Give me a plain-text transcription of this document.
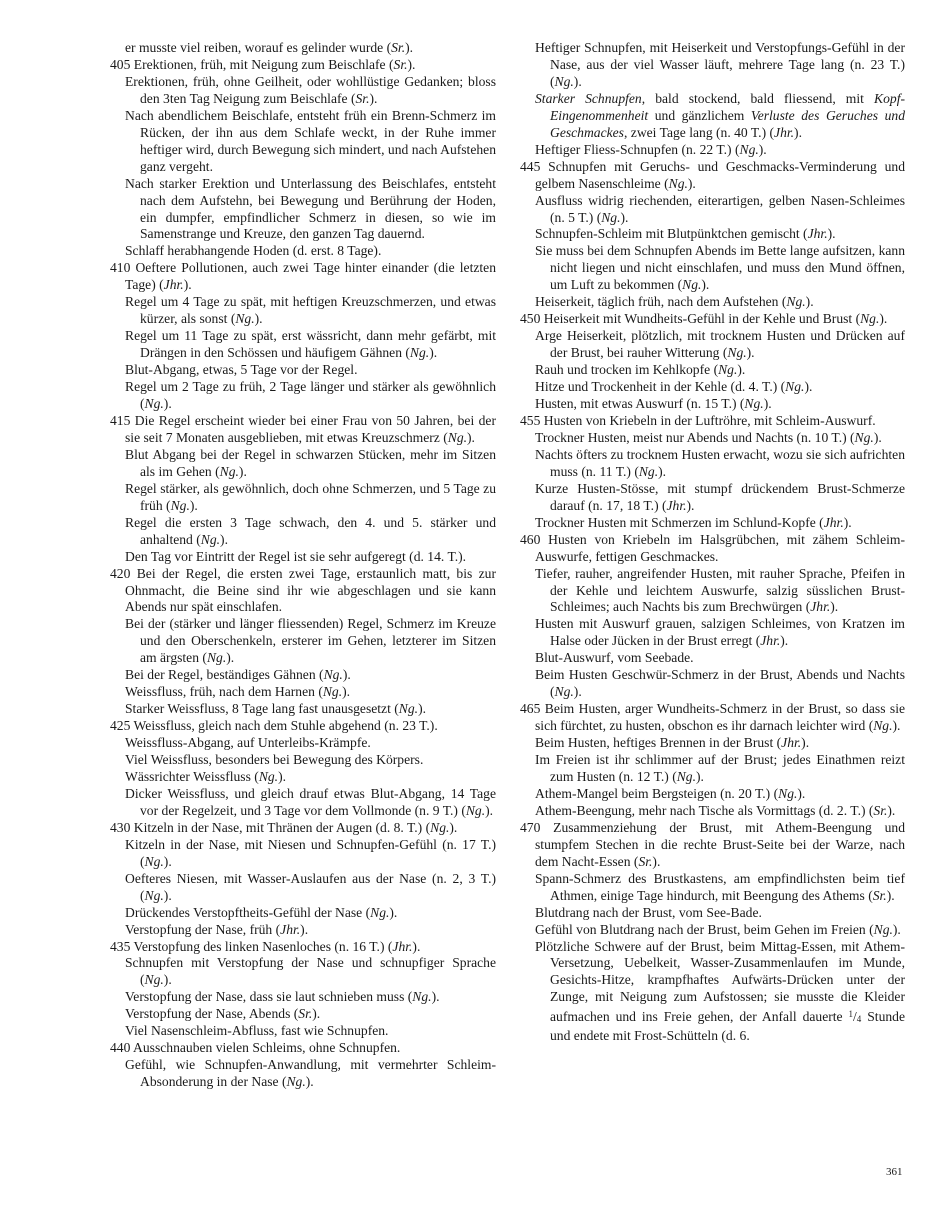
er musste viel reiben, worauf es gelinder wurde (Sr.).

405 Erektionen, früh, mit Neigung zum Beischlafe (Sr.).

Erektionen, früh, ohne Geilheit, oder wohllüstige Gedanken; bloss den 3ten Tag Neigung zum Beischlafe (Sr.).

Nach abendlichem Beischlafe, entsteht früh ein Brenn-Schmerz im Rücken, der ihn aus dem Schlafe weckt, in der Ruhe immer heftiger wird, durch Bewegung sich mindert, und nach Aufstehen ganz vergeht.

Nach starker Erektion und Unterlassung des Beischlafes, entsteht nach dem Aufstehn, bei Bewegung und Berührung der Hoden, ein dumpfer, empfindlicher Schmerz in diesen, so wie im Samenstrange und Kreuze, den ganzen Tag dauernd.

Schlaff herabhangende Hoden (d. erst. 8 Tage).

410 Oeftere Pollutionen, auch zwei Tage hinter einander (die letzten Tage) (Jhr.).

Regel um 4 Tage zu spät, mit heftigen Kreuzschmerzen, und etwas kürzer, als sonst (Ng.).

Regel um 11 Tage zu spät, erst wässricht, dann mehr gefärbt, mit Drängen in den Schössen und häufigem Gähnen (Ng.).

Blut-Abgang, etwas, 5 Tage vor der Regel.

Regel um 2 Tage zu früh, 2 Tage länger und stärker als gewöhnlich (Ng.).

415 Die Regel erscheint wieder bei einer Frau von 50 Jahren, bei der sie seit 7 Monaten ausgeblieben, mit etwas Kreuzschmerz (Ng.).

Blut Abgang bei der Regel in schwarzen Stücken, mehr im Sitzen als im Gehen (Ng.).

Regel stärker, als gewöhnlich, doch ohne Schmerzen, und 5 Tage zu früh (Ng.).

Regel die ersten 3 Tage schwach, den 4. und 5. stärker und anhaltend (Ng.).

Den Tag vor Eintritt der Regel ist sie sehr aufgeregt (d. 14. T.).

420 Bei der Regel, die ersten zwei Tage, erstaunlich matt, bis zur Ohnmacht, die Beine sind ihr wie abgeschlagen und sie kann Abends nur spät einschlafen.

Bei der (stärker und länger fliessenden) Regel, Schmerz im Kreuze und den Oberschenkeln, ersterer im Gehen, letzterer im Sitzen am ärgsten (Ng.).

Bei der Regel, beständiges Gähnen (Ng.).

Weissfluss, früh, nach dem Harnen (Ng.).

Starker Weissfluss, 8 Tage lang fast unausgesetzt (Ng.).

425 Weissfluss, gleich nach dem Stuhle abgehend (n. 23 T.).

Weissfluss-Abgang, auf Unterleibs-Krämpfe.

Viel Weissfluss, besonders bei Bewegung des Körpers.

Wässrichter Weissfluss (Ng.).

Dicker Weissfluss, und gleich drauf etwas Blut-Abgang, 14 Tage vor der Regelzeit, und 3 Tage vor dem Vollmonde (n. 9 T.) (Ng.).

430 Kitzeln in der Nase, mit Thränen der Augen (d. 8. T.) (Ng.).

Kitzeln in der Nase, mit Niesen und Schnupfen-Gefühl (n. 17 T.) (Ng.).

Oefteres Niesen, mit Wasser-Auslaufen aus der Nase (n. 2, 3 T.) (Ng.).

Drückendes Verstopftheits-Gefühl der Nase (Ng.).

Verstopfung der Nase, früh (Jhr.).

435 Verstopfung des linken Nasenloches (n. 16 T.) (Jhr.).

Schnupfen mit Verstopfung der Nase und schnupfiger Sprache (Ng.).

Verstopfung der Nase, dass sie laut schnieben muss (Ng.).

Verstopfung der Nase, Abends (Sr.).

Viel Nasenschleim-Abfluss, fast wie Schnupfen.

440 Ausschnauben vielen Schleims, ohne Schnupfen.

Gefühl, wie Schnupfen-Anwandlung, mit vermehrter Schleim-Absonderung in der Nase (Ng.).

Heftiger Schnupfen, mit Heiserkeit und Verstopfungs-Gefühl in der Nase, aus der viel Wasser läuft, mehrere Tage lang (n. 23 T.) (Ng.).

Starker Schnupfen, bald stockend, bald fliessend, mit Kopf-Eingenommenheit und gänzlichem Verluste des Geruches und Geschmackes, zwei Tage lang (n. 40 T.) (Jhr.).

Heftiger Fliess-Schnupfen (n. 22 T.) (Ng.).

445 Schnupfen mit Geruchs- und Geschmacks-Verminderung und gelbem Nasenschleime (Ng.).

Ausfluss widrig riechenden, eiterartigen, gelben Nasen-Schleimes (n. 5 T.) (Ng.).

Schnupfen-Schleim mit Blutpünktchen gemischt (Jhr.).

Sie muss bei dem Schnupfen Abends im Bette lange aufsitzen, kann nicht liegen und nicht einschlafen, und muss den Mund öffnen, um Luft zu bekommen (Ng.).

Heiserkeit, täglich früh, nach dem Aufstehen (Ng.).

450 Heiserkeit mit Wundheits-Gefühl in der Kehle und Brust (Ng.).

Arge Heiserkeit, plötzlich, mit trocknem Husten und Drücken auf der Brust, bei rauher Witterung (Ng.).

Rauh und trocken im Kehlkopfe (Ng.).

Hitze und Trockenheit in der Kehle (d. 4. T.) (Ng.).

Husten, mit etwas Auswurf (n. 15 T.) (Ng.).

455 Husten von Kriebeln in der Luftröhre, mit Schleim-Auswurf.

Trockner Husten, meist nur Abends und Nachts (n. 10 T.) (Ng.).

Nachts öfters zu trocknem Husten erwacht, wozu sie sich aufrichten muss (n. 11 T.) (Ng.).

Kurze Husten-Stösse, mit stumpf drückendem Brust-Schmerze darauf (n. 17, 18 T.) (Jhr.).

Trockner Husten mit Schmerzen im Schlund-Kopfe (Jhr.).

460 Husten von Kriebeln im Halsgrübchen, mit zähem Schleim-Auswurfe, fettigen Geschmackes.

Tiefer, rauher, angreifender Husten, mit rauher Sprache, Pfeifen in der Kehle und leichtem Auswurfe, salzig süsslichen Brust-Schleimes; auch Nachts bis zum Brechwürgen (Jhr.).

Husten mit Auswurf grauen, salzigen Schleimes, von Kratzen im Halse oder Jücken in der Brust erregt (Jhr.).

Blut-Auswurf, vom Seebade.

Beim Husten Geschwür-Schmerz in der Brust, Abends und Nachts (Ng.).

465 Beim Husten, arger Wundheits-Schmerz in der Brust, so dass sie sich fürchtet, zu husten, obschon es ihr darnach leichter wird (Ng.).

Beim Husten, heftiges Brennen in der Brust (Jhr.).

Im Freien ist ihr schlimmer auf der Brust; jedes Einathmen reizt zum Husten (n. 12 T.) (Ng.).

Athem-Mangel beim Bergsteigen (n. 20 T.) (Ng.).

Athem-Beengung, mehr nach Tische als Vormittags (d. 2. T.) (Sr.).

470 Zusammenziehung der Brust, mit Athem-Beengung und stumpfem Stechen in die rechte Brust-Seite bei der Warze, nach dem Nacht-Essen (Sr.).

Spann-Schmerz des Brustkastens, am empfindlichsten beim tief Athmen, einige Tage hindurch, mit Beengung des Athems (Sr.).

Blutdrang nach der Brust, vom See-Bade.

Gefühl von Blutdrang nach der Brust, beim Gehen im Freien (Ng.).

Plötzliche Schwere auf der Brust, beim Mittag-Essen, mit Athem-Versetzung, Uebelkeit, Wasser-Zusammenlaufen im Munde, Gesichts-Hitze, krampfhaftes Aufwärts-Drücken unter der Zunge, mit Neigung zum Aufstossen; sie musste die Kleider aufmachen und ins Freie gehen, der Anfall dauerte $^1/_4$ Stunde und endete mit Frost-Schütteln (d. 6.

361
